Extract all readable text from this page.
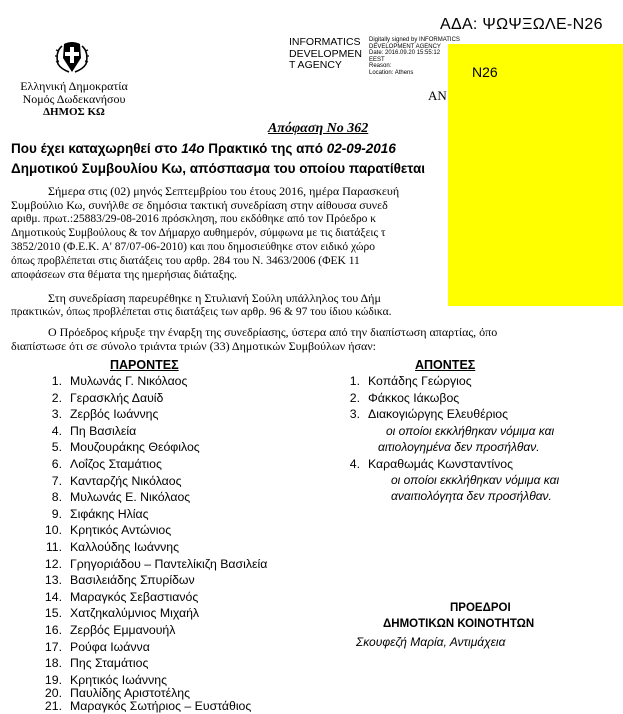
Ελληνική Δημοκρατία
Νομός Δωδεκανήσου
ΔΗΜΟΣ ΚΩ
INFORMATICS
DEVELOPMEN
T AGENCY
Digitally signed by INFORMATICS
DEVELOPMENT AGENCY
Date: 2016.09.20 15:55:12
EEST
Reason:
Location: Athens
ΑΔΑ: ΨΩΨΞΩΛΕ-Ν26
ΑΝ
Απόφαση Νο 362
Που έχει καταχωρηθεί στο 14ο Πρακτικό της από 02-09-2016
Δημοτικού Συμβουλίου Κω, απόσπασμα του οποίου παρατίθεται
Σήμερα στις (02) μηνός Σεπτεμβρίου του έτους 2016, ημέρα Παρασκευή
Συμβούλιο Κω, συνήλθε σε δημόσια τακτική συνεδρίαση στην αίθουσα συνεδ
αριθμ. πρωτ.:25883/29-08-2016 πρόσκληση, που εκδόθηκε από τον Πρόεδρο κ
Δημοτικούς Συμβούλους & τον Δήμαρχο αυθημερόν, σύμφωνα με τις διατάξεις τ
3852/2010 (Φ.Ε.Κ. Α' 87/07-06-2010) και που δημοσιεύθηκε στον ειδικό χώρο
όπως προβλέπεται στις διατάξεις του αρθρ. 284 του Ν. 3463/2006 (ΦΕΚ 11
αποφάσεων στα θέματα της ημερήσιας διάταξης.
Στη συνεδρίαση παρευρέθηκε η Στυλιανή Σούλη υπάλληλος του Δήμ
πρακτικών, όπως προβλέπεται στις διατάξεις των αρθρ. 96 & 97 του ίδιου κώδικα.
Ο Πρόεδρος κήρυξε την έναρξη της συνεδρίασης, ύστερα από την διαπίστωση απαρτίας, όπο
διαπίστωσε ότι σε σύνολο τριάντα τριών (33) Δημοτικών Συμβούλων ήσαν:
Ν26
ΠΑΡΟΝΤΕΣ
1. Μυλωνάς Γ. Νικόλαος
2. Γερασκλής Δαυίδ
3. Ζερβός Ιωάννης
4. Πη Βασιλεία
5. Μουζουράκης Θεόφιλος
6. Λοΐζος Σταμάτιος
7. Κανταρζής Νικόλαος
8. Μυλωνάς Ε. Νικόλαος
9. Σιφάκης Ηλίας
10. Κρητικός Αντώνιος
11. Καλλούδης Ιωάννης
12. Γρηγοριάδου – Παντελίκιζη Βασιλεία
13. Βασιλειάδης Σπυρίδων
14. Μαραγκός Σεβαστιανός
15. Χατζηκαλύμνιος Μιχαήλ
16. Ζερβός Εμμανουήλ
17. Ρούφα Ιωάννα
18. Πης Σταμάτιος
19. Κρητικός Ιωάννης
20. Παυλίδης Αριστοτέλης
21. Μαραγκός Σωτήριος – Ευστάθιος
ΑΠΟΝΤΕΣ
1. Κοπάδης Γεώργιος
2. Φάκκος Ιάκωβος
3. Διακογιώργης Ελευθέριος
οι οποίοι εκκλήθηκαν νόμιμα και
αιτιολογημένα δεν προσήλθαν.
4. Καραθωμάς Κωνσταντίνος
οι οποίοι εκκλήθηκαν νόμιμα και
αναιτιολόγητα δεν προσήλθαν.
ΠΡΟΕΔΡΟΙ
ΔΗΜΟΤΙΚΩΝ ΚΟΙΝΟΤΗΤΩΝ
Σκουφεζή Μαρία, Αντιμάχεια
